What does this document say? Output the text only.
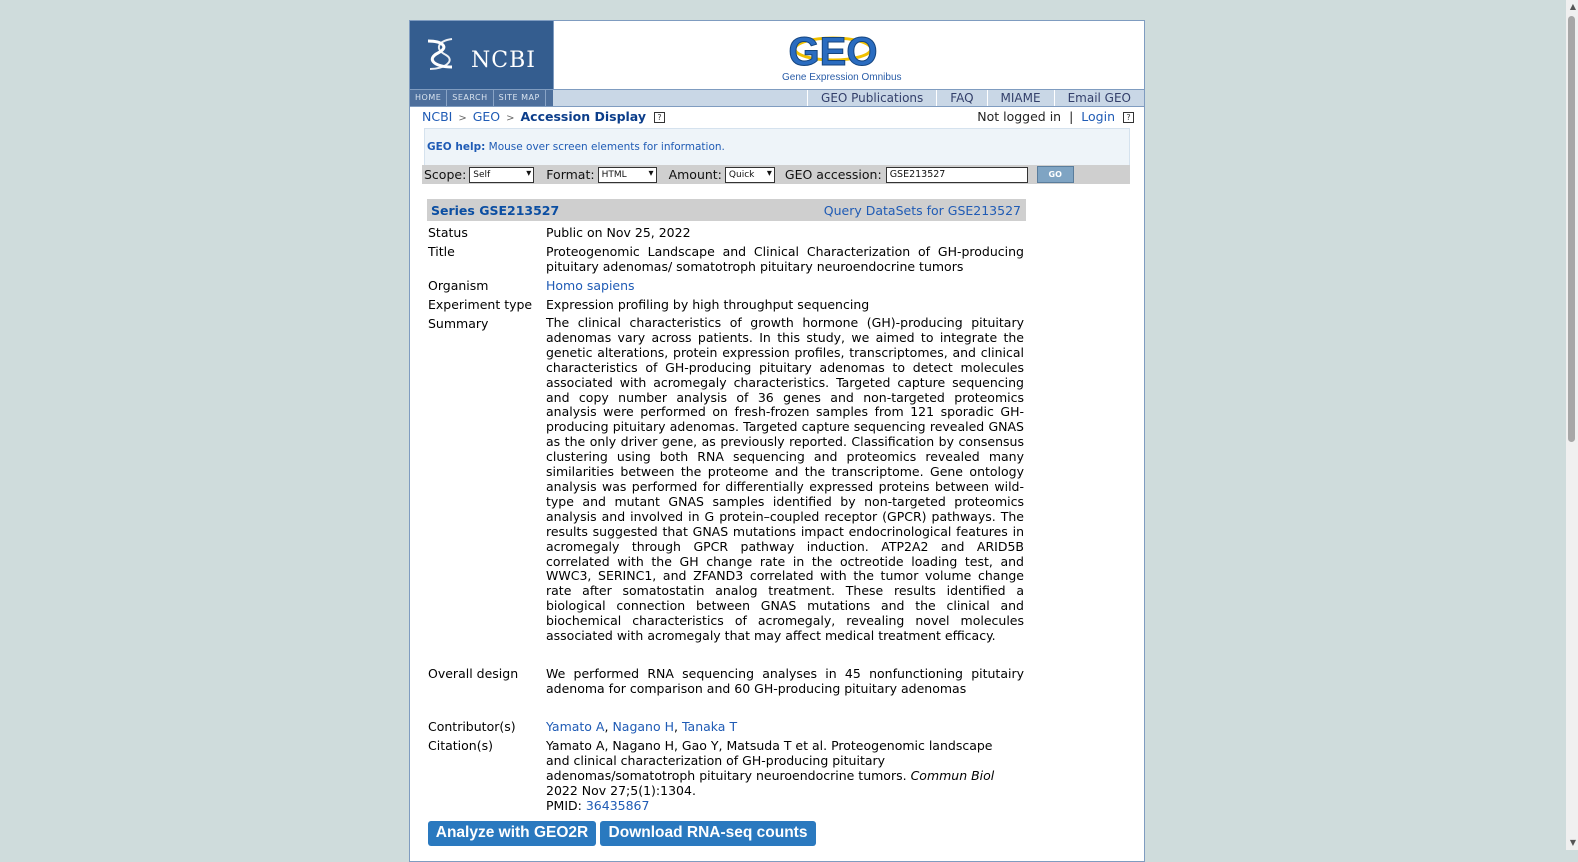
NCBI	GEO
Gene Expression Omnibus
HOME	SEARCH	SITE MAP	GEO Publications	FAQ	MIAME	Email GEO
NCBI > GEO > Accession Display ?	Not logged in | Login ?
GEO help: Mouse over screen elements for information.
Scope: Self ▾	Format: HTML ▾	Amount: Quick ▾	GEO accession: GSE213527	GO
Series GSE213527	Query DataSets for GSE213527
Status	Public on Nov 25, 2022
Title	Proteogenomic Landscape and Clinical Characterization of GH-producing pituitary adenomas/ somatotroph pituitary neuroendocrine tumors
Organism	Homo sapiens
Experiment type	Expression profiling by high throughput sequencing
Summary	The clinical characteristics of growth hormone (GH)-producing pituitary adenomas vary across patients. In this study, we aimed to integrate the genetic alterations, protein expression profiles, transcriptomes, and clinical characteristics of GH-producing pituitary adenomas to detect molecules associated with acromegaly characteristics. Targeted capture sequencing and copy number analysis of 36 genes and non-targeted proteomics analysis were performed on fresh-frozen samples from 121 sporadic GH-producing pituitary adenomas. Targeted capture sequencing revealed GNAS as the only driver gene, as previously reported. Classification by consensus clustering using both RNA sequencing and proteomics revealed many similarities between the proteome and the transcriptome. Gene ontology analysis was performed for differentially expressed proteins between wild-type and mutant GNAS samples identified by non-targeted proteomics analysis and involved in G protein–coupled receptor (GPCR) pathways. The results suggested that GNAS mutations impact endocrinological features in acromegaly through GPCR pathway induction. ATP2A2 and ARID5B correlated with the GH change rate in the octreotide loading test, and WWC3, SERINC1, and ZFAND3 correlated with the tumor volume change rate after somatostatin analog treatment. These results identified a biological connection between GNAS mutations and the clinical and biochemical characteristics of acromegaly, revealing novel molecules associated with acromegaly that may affect medical treatment efficacy.
Overall design	We performed RNA sequencing analyses in 45 nonfunctioning pitutairy adenoma for comparison and 60 GH-producing pituitary adenomas
Contributor(s)	Yamato A, Nagano H, Tanaka T
Citation(s)	Yamato A, Nagano H, Gao Y, Matsuda T et al. Proteogenomic landscape and clinical characterization of GH-producing pituitary adenomas/somatotroph pituitary neuroendocrine tumors. Commun Biol 2022 Nov 27;5(1):1304.
PMID: 36435867
Analyze with GEO2R	Download RNA-seq counts
▲
▼
